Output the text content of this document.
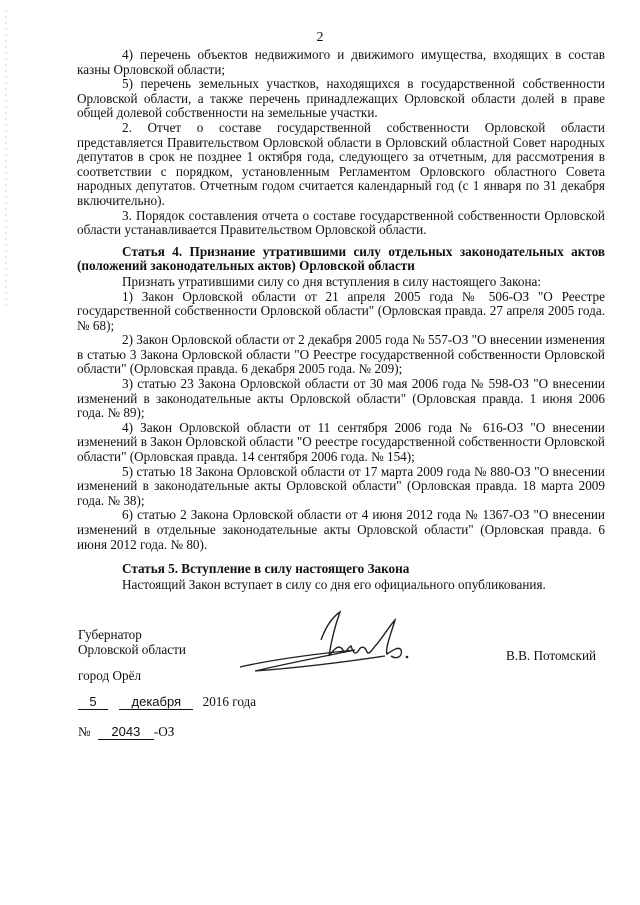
2

4) перечень объектов недвижимого и движимого имущества, входящих в состав казны Орловской области;

5) перечень земельных участков, находящихся в государственной собственности Орловской области, а также перечень принадлежащих Орловской области долей в праве общей долевой собственности на земельные участки.

2. Отчет о составе государственной собственности Орловской области представляется Правительством Орловской области в Орловский областной Совет народных депутатов в срок не позднее 1 октября года, следующего за отчетным, для рассмотрения в соответствии с порядком, установленным Регламентом Орловского областного Совета народных депутатов. Отчетным годом считается календарный год (с 1 января по 31 декабря включительно).

3. Порядок составления отчета о составе государственной собственности Орловской области устанавливается Правительством Орловской области.

Статья 4. Признание утратившими силу отдельных законодательных актов (положений законодательных актов) Орловской области

Признать утратившими силу со дня вступления в силу настоящего Закона:

1) Закон Орловской области от 21 апреля 2005 года № 506-ОЗ "О Реестре государственной собственности Орловской области" (Орловская правда. 27 апреля 2005 года. № 68);

2) Закон Орловской области от 2 декабря 2005 года № 557-ОЗ "О внесении изменения в статью 3 Закона Орловской области "О Реестре государственной собственности Орловской области" (Орловская правда. 6 декабря 2005 года. № 209);

3) статью 23 Закона Орловской области от 30 мая 2006 года № 598-ОЗ "О внесении изменений в законодательные акты Орловской области" (Орловская правда. 1 июня 2006 года. № 89);

4) Закон Орловской области от 11 сентября 2006 года № 616-ОЗ "О внесении изменений в Закон Орловской области "О реестре государственной собственности Орловской области" (Орловская правда. 14 сентября 2006 года. № 154);

5) статью 18 Закона Орловской области от 17 марта 2009 года № 880-ОЗ "О внесении изменений в законодательные акты Орловской области" (Орловская правда. 18 марта 2009 года. № 38);

6) статью 2 Закона Орловской области от 4 июня 2012 года № 1367-ОЗ "О внесении изменений в отдельные законодательные акты Орловской области" (Орловская правда. 6 июня 2012 года. № 80).

Статья 5. Вступление в силу настоящего Закона

Настоящий Закон вступает в силу со дня его официального опубликования.

Губернатор
Орловской области
город Орёл
В.В. Потомский
5	декабря 2016 года
№ 2043 -ОЗ
